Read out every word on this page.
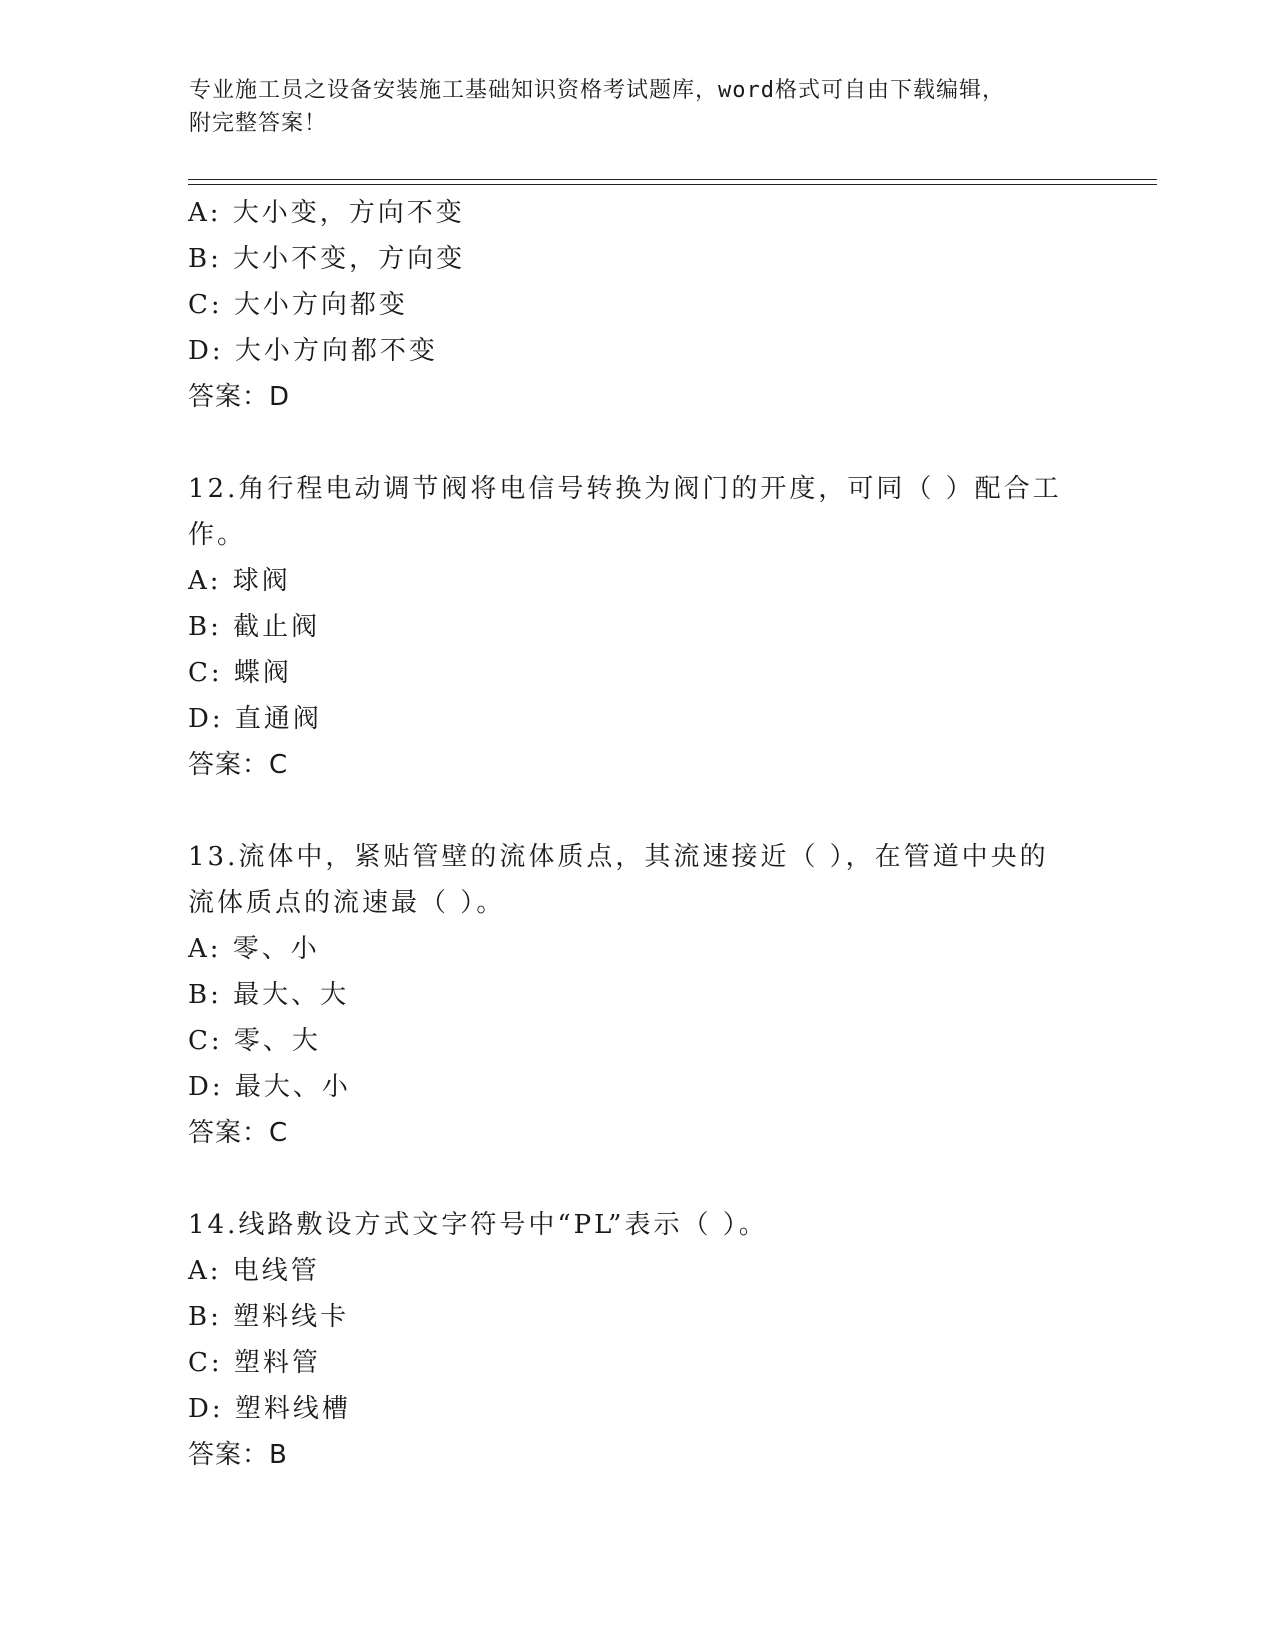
专业施工员之设备安装施工基础知识资格考试题库，word格式可自由下载编辑，
附完整答案！
A: 大小变，方向不变
B: 大小不变，方向变
C: 大小方向都变
D: 大小方向都不变
答案：D
12.角行程电动调节阀将电信号转换为阀门的开度，可同（ ）配合工
作。
A: 球阀
B: 截止阀
C: 蝶阀
D: 直通阀
答案：C
13.流体中，紧贴管壁的流体质点，其流速接近（ ），在管道中央的
流体质点的流速最（ ）。
A: 零、小
B: 最大、大
C: 零、大
D: 最大、小
答案：C
14.线路敷设方式文字符号中“PL”表示（ ）。
A: 电线管
B: 塑料线卡
C: 塑料管
D: 塑料线槽
答案：B
